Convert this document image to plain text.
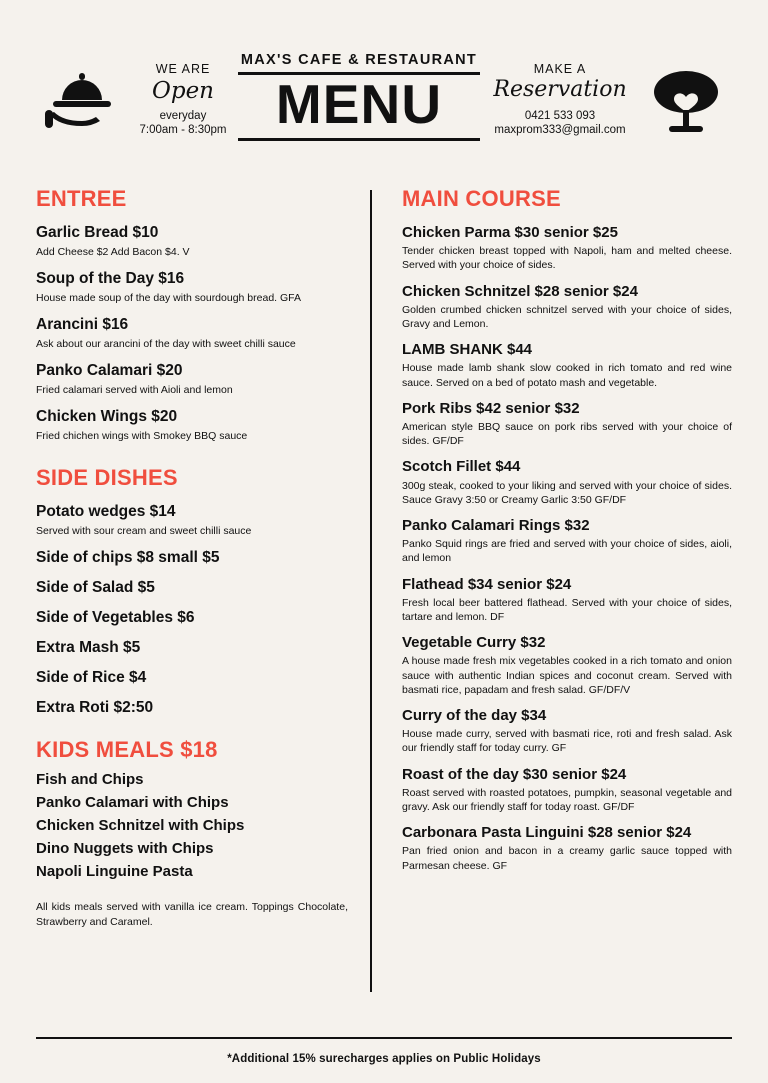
WE ARE
Open
everyday
7:00am - 8:30pm
MAX'S CAFE & RESTAURANT
MENU
MAKE A
Reservation
0421 533 093
maxprom333@gmail.com
ENTREE
Garlic Bread $10
Add Cheese $2 Add Bacon $4. V
Soup of the Day $16
House made soup of the day with sourdough bread. GFA
Arancini $16
Ask about our arancini of the day with sweet chilli sauce
Panko Calamari $20
Fried calamari served with Aioli and lemon
Chicken Wings $20
Fried chichen wings with Smokey BBQ sauce
SIDE DISHES
Potato wedges $14
Served with sour cream and sweet chilli sauce
Side of chips $8 small $5
Side of Salad $5
Side of Vegetables $6
Extra Mash $5
Side of Rice $4
Extra Roti $2:50
KIDS MEALS $18
Fish and Chips
Panko Calamari with Chips
Chicken Schnitzel with Chips
Dino Nuggets with Chips
Napoli Linguine Pasta
All kids meals served with vanilla ice cream. Toppings Chocolate, Strawberry and Caramel.
MAIN COURSE
Chicken Parma $30 senior $25
Tender chicken breast topped with Napoli, ham and melted cheese. Served with your choice of sides.
Chicken Schnitzel $28 senior $24
Golden crumbed chicken schnitzel served with your choice of sides, Gravy and Lemon.
LAMB SHANK $44
House made lamb shank slow cooked in rich tomato and red wine sauce. Served on a bed of potato mash and vegetable.
Pork Ribs $42 senior $32
American style BBQ sauce on pork ribs served with your choice of sides. GF/DF
Scotch Fillet $44
300g steak, cooked to your liking and served with your choice of sides. Sauce Gravy 3:50 or Creamy Garlic 3:50 GF/DF
Panko Calamari Rings $32
Panko Squid rings are fried and served with your choice of sides, aioli, and lemon
Flathead $34 senior $24
Fresh local beer battered flathead. Served with your choice of sides, tartare and lemon. DF
Vegetable Curry $32
A house made fresh mix vegetables cooked in a rich tomato and onion sauce with authentic Indian spices and coconut cream. Served with basmati rice, papadam and fresh salad. GF/DF/V
Curry of the day $34
House made curry, served with basmati rice, roti and fresh salad. Ask our friendly staff for today curry. GF
Roast of the day $30 senior $24
Roast served with roasted potatoes, pumpkin, seasonal vegetable and gravy. Ask our friendly staff for today roast. GF/DF
Carbonara Pasta Linguini $28 senior $24
Pan fried onion and bacon in a creamy garlic sauce topped with Parmesan cheese. GF
*Additional 15% surecharges applies on Public Holidays
